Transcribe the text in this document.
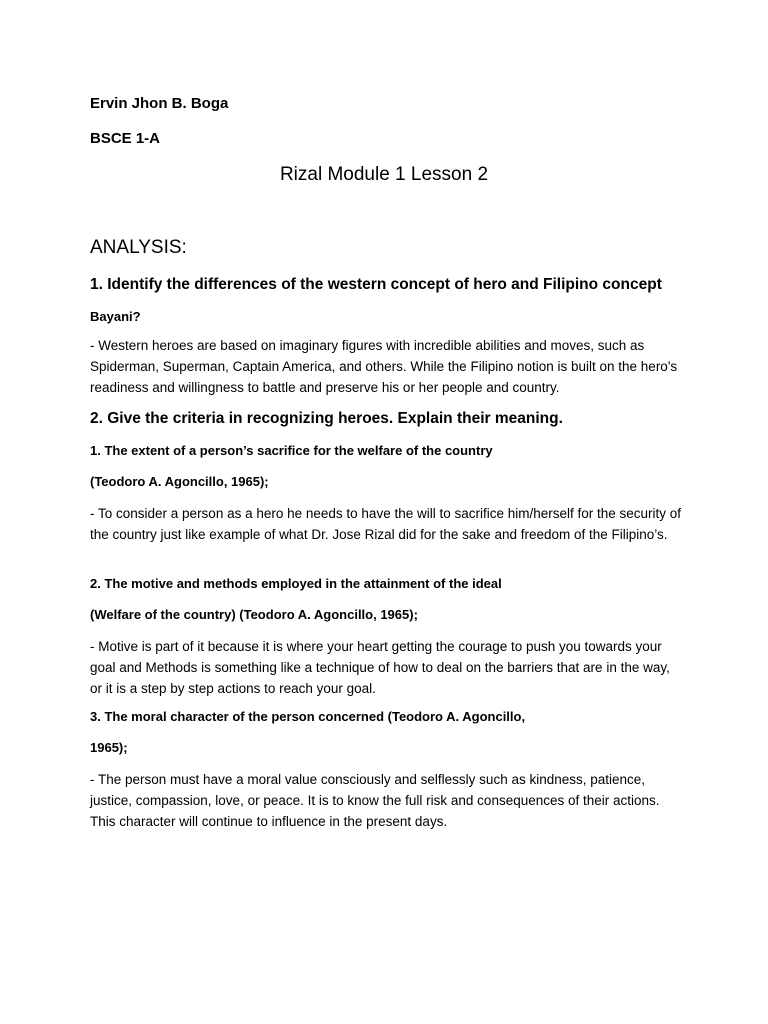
Ervin Jhon B. Boga

BSCE 1-A

Rizal Module 1 Lesson 2

ANALYSIS:

1. Identify the differences of the western concept of hero and Filipino concept

Bayani?

- Western heroes are based on imaginary figures with incredible abilities and moves, such as Spiderman, Superman, Captain America, and others. While the Filipino notion is built on the hero's readiness and willingness to battle and preserve his or her people and country.

2. Give the criteria in recognizing heroes. Explain their meaning.

1. The extent of a person’s sacrifice for the welfare of the country

(Teodoro A. Agoncillo, 1965);

- To consider a person as a hero he needs to have the will to sacrifice him/herself for the security of the country just like example of what Dr. Jose Rizal did for the sake and freedom of the Filipino’s.

2. The motive and methods employed in the attainment of the ideal

(Welfare of the country) (Teodoro A. Agoncillo, 1965);

- Motive is part of it because it is where your heart getting the courage to push you towards your goal and Methods is something like a technique of how to deal on the barriers that are in the way, or it is a step by step actions to reach your goal.

3. The moral character of the person concerned (Teodoro A. Agoncillo,

1965);

- The person must have a moral value consciously and selflessly such as kindness, patience, justice, compassion, love, or peace. It is to know the full risk and consequences of their actions. This character will continue to influence in the present days.
